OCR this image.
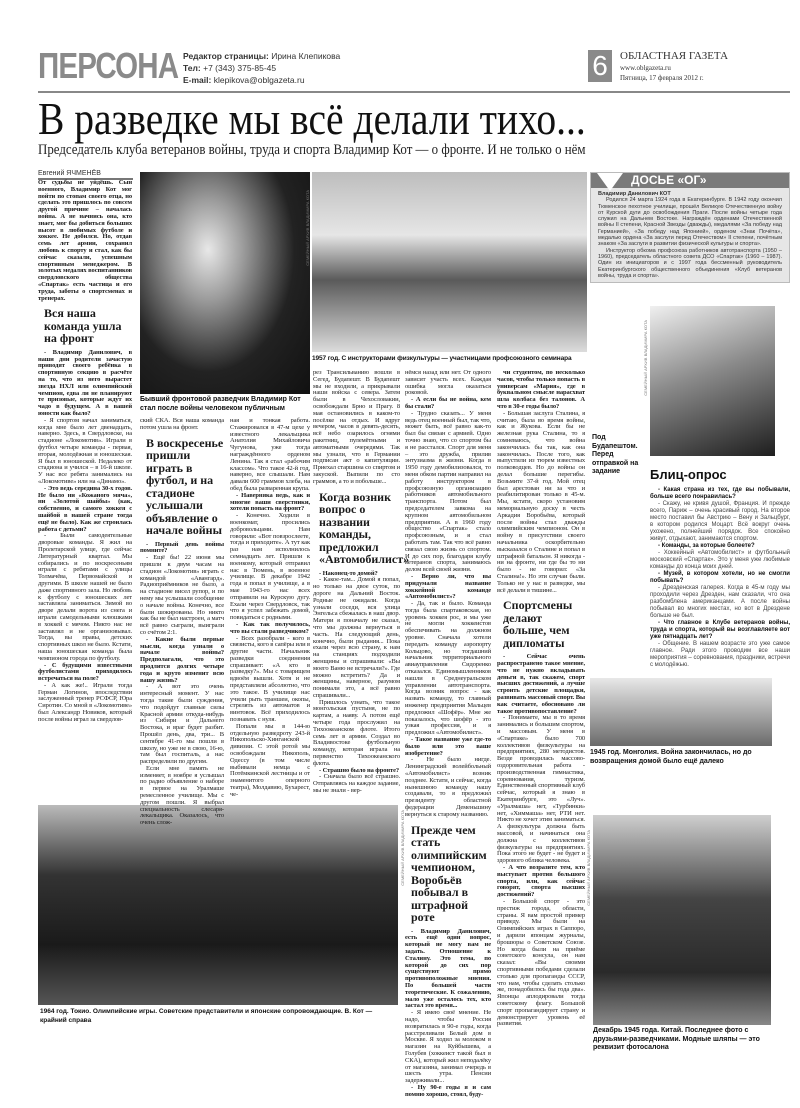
ПЕРСОНА Редактор страницы: Ирина Клепикова
Тел: +7 (343) 375-85-45
E-mail: klepikova@oblgazeta.ru	6	ОБЛАСТНАЯ ГАЗЕТА
www.oblgazeta.ru
Пятница, 17 февраля 2012 г.
В разведке мы всё делали тихо...
Председатель клуба ветеранов войны, труда и спорта Владимир Кот — о фронте. И не только о нём
Евгений ЯЧМЕНЁВ
Бывший фронтовой разведчик Владимир Кот стал после войны человеком публичным
СЕМЕЙНЫЙ АРХИВ ВЛАДИМИРА КОТА
1957 год. С инструкторами физкультуры — участницами профсоюзного семинара
ДОСЬЕ «ОГ»

Владимир Данилович КОТ

Родился 24 марта 1924 года в Екатеринбурге. В 1942 году окончил Тюменское пехотное училище, прошёл Великую Отечественную войну от Курской дуги до освобождения Праги. После войны четыре года служил на Дальнем Востоке. Награждён орденами Отечественной войны II степени, Красной Звезды (дважды), медалями «За победу над Германией», «За победу над Японией», орденом «Знак Почёта», медалью ордена «За заслуги перед Отечеством» II степени, почётным знаком «За заслуги в развитии физической культуры и спорта».

Инструктор обкома профсоюза работников автотранспорта (1950 – 1960), председатель областного совета ДСО «Спартак» (1960 – 1987). Один из инициаторов и с 1997 года бессменный руководитель Екатеринбургского общественного объединения «Клуб ветеранов войны, труда и спорта».

СЕМЕЙНЫЙ АРХИВ ВЛАДИМИРА КОТА
Под Будапештом. Перед отправкой на задание	Блиц-опрос

- Какая страна из тех, где вы побывали, больше всего понравилась?

- Скажу, не кривя душой, Франция. И прежде всего, Париж – очень красивый город. На второе место поставил бы Австрию – Вену и Зальцбург, в котором родился Моцарт. Всё вокруг очень ухожено, полнейший порядок. Все спокойно живут, отдыхают, занимаются спортом.

- Команды, за которые болеете?

- Хоккейный «Автомобилист» и футбольный московский «Спартак». Это у меня уже любимые команды до конца моих дней.

- Музей, в котором хотели, но не смогли побывать?

- Дрезденская галерея. Когда в 45-м году мы проходили через Дрезден, нам сказали, что она разбомблена американцами. А после войны побывал во многих местах, но вот в Дрездене больше не был.

- Что главное в Клубе ветеранов войны, труда и спорта, который вы возглавляете вот уже пятнадцать лет?

- Общение. В нашем возрасте это уже самое главное. Ради этого проводим все наши мероприятия – соревнования, праздники, встречи с молодёжью.

1945 год. Монголия. Война закончилась, но до возвращения домой было ещё далеко
СЕМЕЙНЫЙ АРХИВ ВЛАДИМИРА КОТА
Декабрь 1945 года. Китай. Последнее фото с друзьями-разведчиками. Модные шляпы — это реквизит фотосалона
СЕМЕЙНЫЙ АРХИВ ВЛАДИМИРА КОТА
1964 год. Токио. Олимпийские игры. Советские представители и японские сопровождающие. В. Кот — крайний справа

От судьбы не уйдёшь. Сын военного, Владимир Кот мог пойти по стопам своего отца, но сделать это пришлось по совсем другой причине – началась война. А не начнись она, кто знает, мог бы добиться больших высот в любимых футболе и хоккее. Не добился. Но, отдав семь лет армии, сохранил любовь к спорту и стал, как бы сейчас сказали, успешным спортивным менеджером. В золотых медалях воспитанников свердловского общества «Спартак» есть частица и его труда, заботы о спортсменах и тренерах.

Вся наша команда ушла на фронт

- Владимир Данилович, в наши дни родители зачастую приводят своего ребёнка в спортивную секцию в расчёте на то, что из него вырастет звезда НХЛ или олимпийский чемпион, едва ли не планируют те призовые, которые ждут их чадо в будущем. А в вашей юности как было?

- Я спортом начал заниматься, когда мне было лет двенадцать, наверно. Здесь, в Свердловске, на стадионе «Локомотив». Играли в футбол четыре команды - первая, вторая, молодёжная и юношеская. Я был в юношеской. Недалеко от стадиона и учился – в 16-й школе. У нас все ребята занимались на «Локомотиве» или на «Динамо».

- Это ведь середина 30-х годов. Не было ни «Кожаного мяча», ни «Золотой шайбы» (как, собственно, и самого хоккея с шайбой в нашей стране тогда ещё не было). Как же строилась работа с детьми?

- Были самодеятельные дворовые команды. Я жил на Пролетарской улице, где сейчас Литературный квартал. Мы собирались и по воскресеньям играли с ребятами с улицы Толмачёва, Первомайской и другими. В школе нашей не было даже спортивного зала. Но любовь к футболу с юношеских лет заставляла заниматься. Зимой во дворе делали ворота из снега и играли самодельными клюшками в хоккей с мячом. Никто нас не заставлял и не организовывал. Тогда, вы правы, детских спортивных школ не было. Кстати, наша юношеская команда была чемпионом города по футболу.

- С будущими известными футболистами приходилось встречаться на поле?

- А как же!.. Играли тогда Герман Логинов, впоследствии заслуженный тренер РСФСР, Юра Сиротин. Со мной в «Локомотиве» был Александр Новиков, который после войны играл за свердлов-

ский СКА. Вся наша команда потом ушла на фронт.

В воскресенье пришли играть в футбол, и на стадионе услышали объявление о начале войны

- Первый день войны помните?

- Ещё бы! 22 июня мы пришли к двум часам на стадион «Локомотив» играть с командой «Авангард». Радиоприёмников не было, а на стадионе висел рупор, и по нему мы услышали сообщение о начале войны. Конечно, все были шокированы. Но никто как бы не был настроен, а матч всё равно сыграли, выиграли со счётом 2:1.

- Какие были первые мысли, когда узнали о начале войны? Предполагали, что это продлится долгих четыре года и круто изменит всю вашу жизнь?

- А вот это очень интересный момент. У нас тогда такие были суждения, что подойдут главные силы Красной армии откуда-нибудь из Сибири и Дальнего Востока, и враг будет разбит. Прошёл день, два, три... В сентябре 41-го мы пошли в школу, но уже не в свою, 16-ю, там был госпиталь, а нас распределили по другим.

Если мне память не изменяет, в ноябре я услышал по радио объявление о наборе в первое на Уралмаше ремесленное училище. Мы с другом пошли. Я выбрал специальность слесаря-лекальщика. Оказалось, что очень слож-

ная и тонкая работа. Стажировался в 47-м цехе у известного лекальщика Анатолия Михайловича Чугунова, уже тогда награждённого орденом Ленина. Так я стал «рабочим классом». Что такое 42-й год, наверно, все слышали. Нам давали 600 граммов хлеба, на обед была разваренная крупа.

- Наверняка ведь, как и многие ваши сверстники, хотели попасть на фронт?

- Конечно. Ходили в военкомат, просились добровольцами. Нам говорили: «Вот повзрослеете, тогда и приходите». А тут как раз нам исполнилось семнадцать лет. Пришли к военкому, который отправил нас в Тюмень, в военное училище. В декабре 1942 года я попал в училище, а в мае 1943-го нас всех отправили на Курскую дугу. Ехали через Свердловск, так что я успел забежать домой, повидаться с родными.

- Как так получилось, что вы стали разведчиком?

- Всех разобрали - кого в связисты, кого в сапёры или в другие части. Начальник разведки соединения спрашивает: «А кто в разведку?». Мы с товарищем вдвоём вышли. Хотя и не представляли абсолютно, что это такое. В училище нас учили рыть траншеи, окопы, стрелять из автоматов и винтовок. Всё приходилось познавать с нуля.

Попали мы в 144-ю отдельную разведроту 243-й Никопольско-Хинганской дивизии. С этой ротой мы освобождали Никополь, Одессу (в том числе выбивали немца с Потёмкинской лестницы и от знаменитого оперного театра), Молдавию, Бухарест, че-

рез Трансильванию вошли в Сегед, Будапешт. В Будапешт мы не входили, а прикрывали наши войска с севера. Затем были в Чехословакии, освобождали Брно и Прагу. 8 мая остановились в каком-то посёлке на отдых. И вдруг вечером, часов в девять-десять, всё небо озарилось огнями ракетниц, пулемётными и автоматными очередями. Так мы узнали, что в Германии подписан акт о капитуляции. Приехал старшина со спиртом и закуской. Выпили по сто граммов, а то и побольше...

Когда возник вопрос о названии команды, предложил «Автомобилист»

- Наконец-то домой?

- Какое-там... Домой я попал, но только на двое суток, по дороге на Дальний Восток. Родные не ожидали. Когда узнали соседи, вся улица Энгельса сбежалась в наш двор. Матери я поначалу не сказал, что мы должны вернуться в часть. На следующий день, конечно, были рыдания... Пока ехали через всю страну, к нам на станциях подходили женщины и спрашивали: «Вы моего Ваню не встречали?». Где можно встретить? Да и женщины, наверное, разумом понимали это, а всё равно спрашивали...

Пришлось узнать, что такое монгольская пустыня, не по картам, а наяву. А потом ещё четыре года прослужил на Тихоокеанском флоте. Итого семь лет в армии. Создал во Владивостоке футбольную команду, которая играла на первенство Тихоокеанского флота.

- Страшно было на фронте?

- Сначала было всё страшно. Отправляясь на каждое задание, мы не знали - вер-

нёмся назад или нет. От одного зависит участь всех. Каждая ошибка могла оказаться роковой.

- А если бы не война, кем бы стали?

- Трудно сказать... У меня ведь отец военный был, так что, может быть, всё равно как-то был бы связан с армией. Одно точно знаю, что со спортом бы я не расстался. Спорт для меня – это дружба, прилив энтузиазма в жизни. Когда в 1950 году демобилизовался, то меня обком партии направил на работу инструктором в профсоюзную организацию работников автомобильного транспорта. Потом был председателем завкома на крупном автомобильном предприятии. А в 1960 году общество «Спартак» стало профсоюзным, и я стал работать там. Так что всё равно связал свою жизнь со спортом. И до сих пор, благодаря клубу ветеранов спорта, занимаюсь делом всей своей жизни.

- Верно ли, что вы придумали название хоккейной команде «Автомобилист»?

- Да, так и было. Команда тогда была спартаковская, но уровень хоккея рос, и мы уже не могли хоккеистов обеспечивать на должном уровне. Сначала хотели передать команду аэропорту Кольцово, но тогдашний начальник территориального авиауправления Сидоренко отказался. Единомышленников нашли в Среднеуральском управлении автотранспорта. Когда возник вопрос - как назвать команду, то главный инженер предприятия Мальцев предложил «Шофёр». Мне же показалось, что шофёр - это узкая профессия, и я предложил «Автомобилист».

- Такое название уже где-то было или это ваше изобретение?

- Не было нигде. Ленинградский волейбольный «Автомобилист» возник позднее. Кстати, и сейчас, когда нынешнюю команду нашу создавали, то я предложил президенту областной федерации Деменьшину вернуться к старому названию.

Прежде чем стать олимпийским чемпионом, Воробьёв побывал в штрафной роте

- Владимир Данилович, есть ещё один вопрос, который не могу вам не задать. Отношение к Сталину. Это тема, по которой до сих пор существуют прямо противоположные мнения. По большей части теоретические. К сожалению, мало уже осталось тех, кто застал это время...

- Я имею своё мнение. Не надо, чтобы Россия возвратилась в 90-е годы, когда расстреливали Белый дом в Москве. Я ходил за молоком в магазин на Куйбышева, а Голубев (хоккеист такой был в СКА), который жил неподалёку от магазина, занимал очередь в шесть утра. Пенсии задерживали...

- Ну 90-е годы я и сам помню хорошо, стоял, буду-

чи студентом, по несколько часов, чтобы только попасть в универсам «Мария», где в буквальном смысле нарасхват шла колбаса без талонов. А что в 30-е годы было?

- Большая заслуга Сталина, я считаю, была во время войны, как и Жукова. Если бы не железная рука Сталина, то я сомневаюсь, что война закончилась бы так, как она закончилась. После того, как выпустили из тюрем известных полководцев. Но до войны он делал большие перегибы. Возьмите 37-й год. Мой отец был арестован ни за что и реабилитирован только в 45-м. Мы, кстати, скоро установим мемориальную доску в честь Аркадия Воробьёва, который после войны стал дважды олимпийским чемпионом. Он в войну в присутствии своего начальника оскорбительно высказался о Сталине и попал в штрафной батальон. Я никогда - ни на фронте, ни где бы то ни было - не говорил: «За Сталина!». Но эти случаи были. Только не у нас в разведке, мы всё делали в тишине...

Спортсмены делают больше, чем дипломаты

- Сейчас очень распространено такое мнение, что не нужно вкладывать деньги в, так скажем, спорт высших достижений, а лучше строить детские площадки, развивать массовый спорт. Вы как считаете, обосновано ли такое противопоставление?

- Понимаете, мы в то время занимались и большим спортом, и массовым. У меня в «Спартаке» было 700 коллективов физкультуры на предприятиях, 280 методистов. Везде проводилась массово-оздоровительная работа - производственная гимнастика, соревнования, туризм. Единственный спортивный клуб сейчас, который я знаю в Екатеринбурге, это «Луч». «Уралмаша» нет, «Турбинки» нет, «Химмаша» нет, РТИ нет. Никто не хочет этим заниматься. А физкультура должна быть массовой, и начинаться она должна с коллективов физкультуры на предприятиях. Пока этого не будет - не будет и здорового облика человека.

- А что возразите тем, кто выступает против большого спорта, или, как сейчас говорят, спорта высших достижений?

- Большой спорт - это престиж города, области, страны. Я вам простой пример приведу. Мы были на Олимпийских играх в Саппоро, и дарили японцам журналы, брошюры о Советском Союзе. Но когда были на приёме советского консула, он нам сказал: «Вы своими спортивными победами сделали столько для пропаганды СССР, что нам, чтобы сделать столько же, понадобилось бы года два». Японцы аплодировали тогда советскому флагу. Большой спорт пропагандирует страну и демонстрирует уровень её развития.
